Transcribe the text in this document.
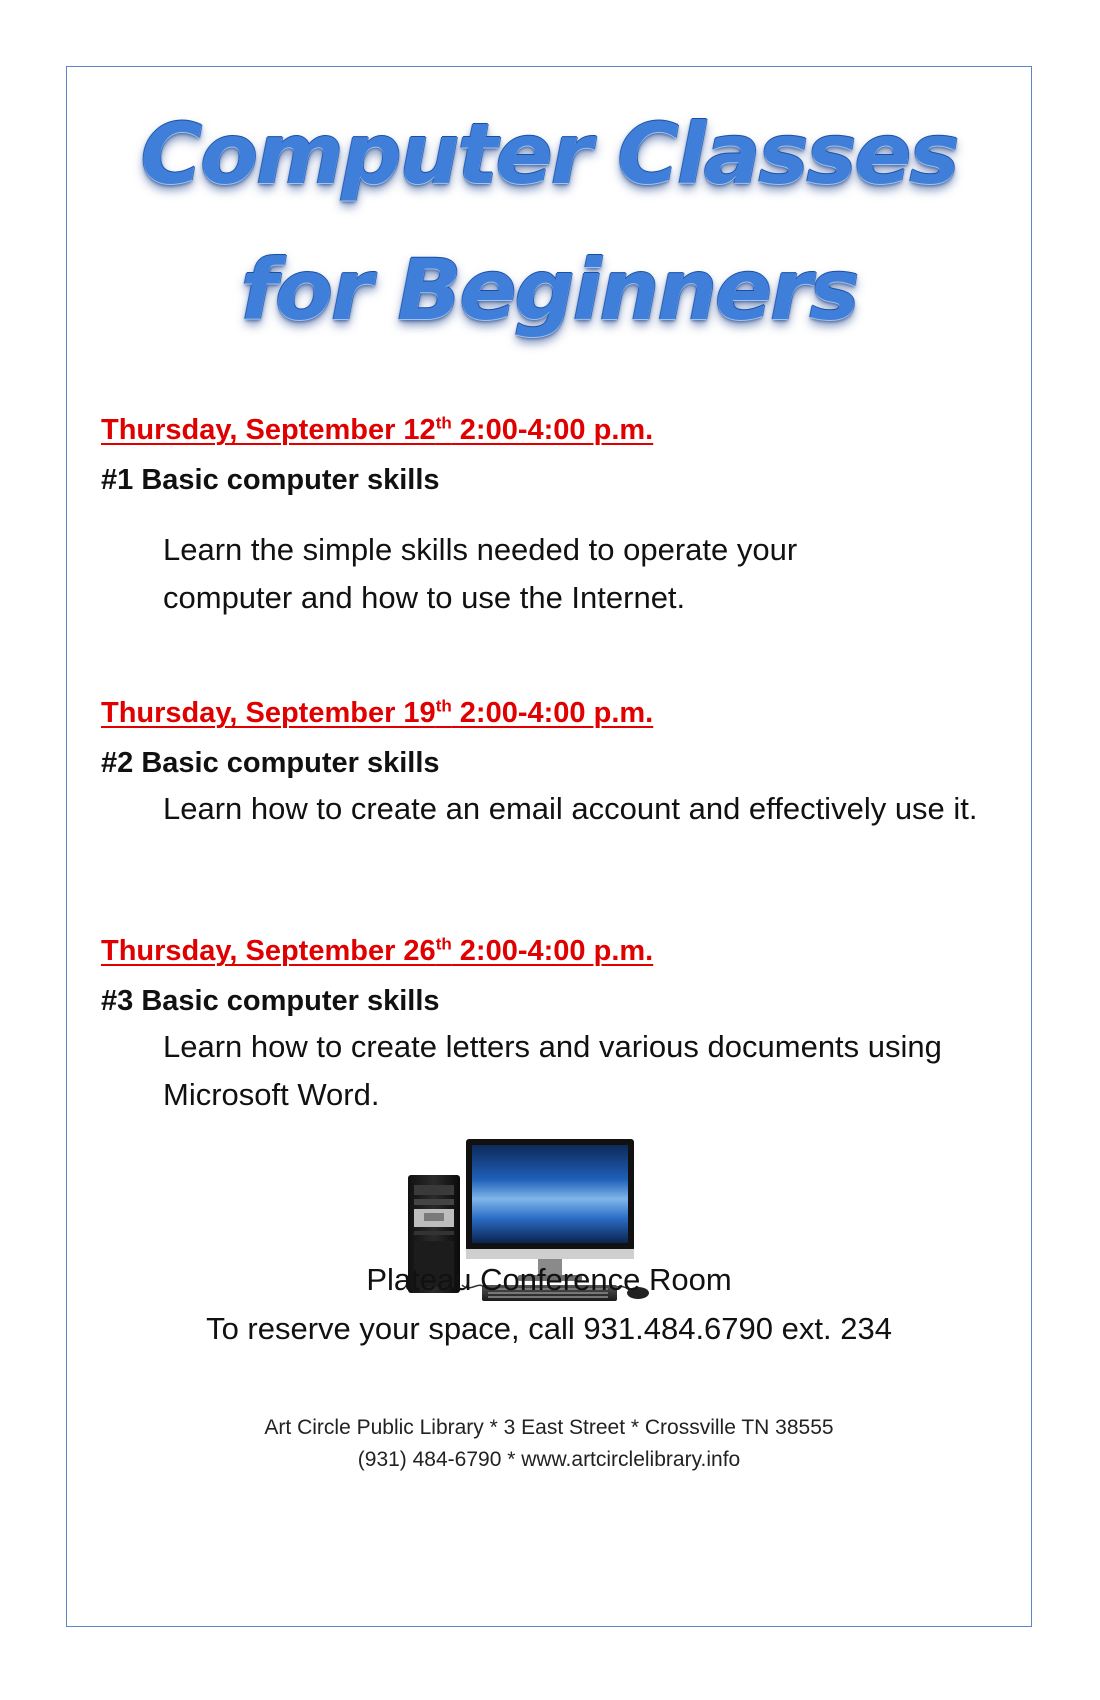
Computer Classes
for Beginners
Thursday, September 12th 2:00-4:00 p.m.
#1 Basic computer skills
Learn the simple skills needed to operate your computer and how to use the Internet.
Thursday, September 19th 2:00-4:00 p.m.
#2 Basic computer skills
Learn how to create an email account and effectively use it.
Thursday, September 26th 2:00-4:00 p.m.
#3 Basic computer skills
Learn how to create letters and various documents using Microsoft Word.
Plateau Conference Room
To reserve your space, call 931.484.6790 ext. 234
Art Circle Public Library * 3 East Street * Crossville TN 38555
(931) 484-6790 * www.artcirclelibrary.info
